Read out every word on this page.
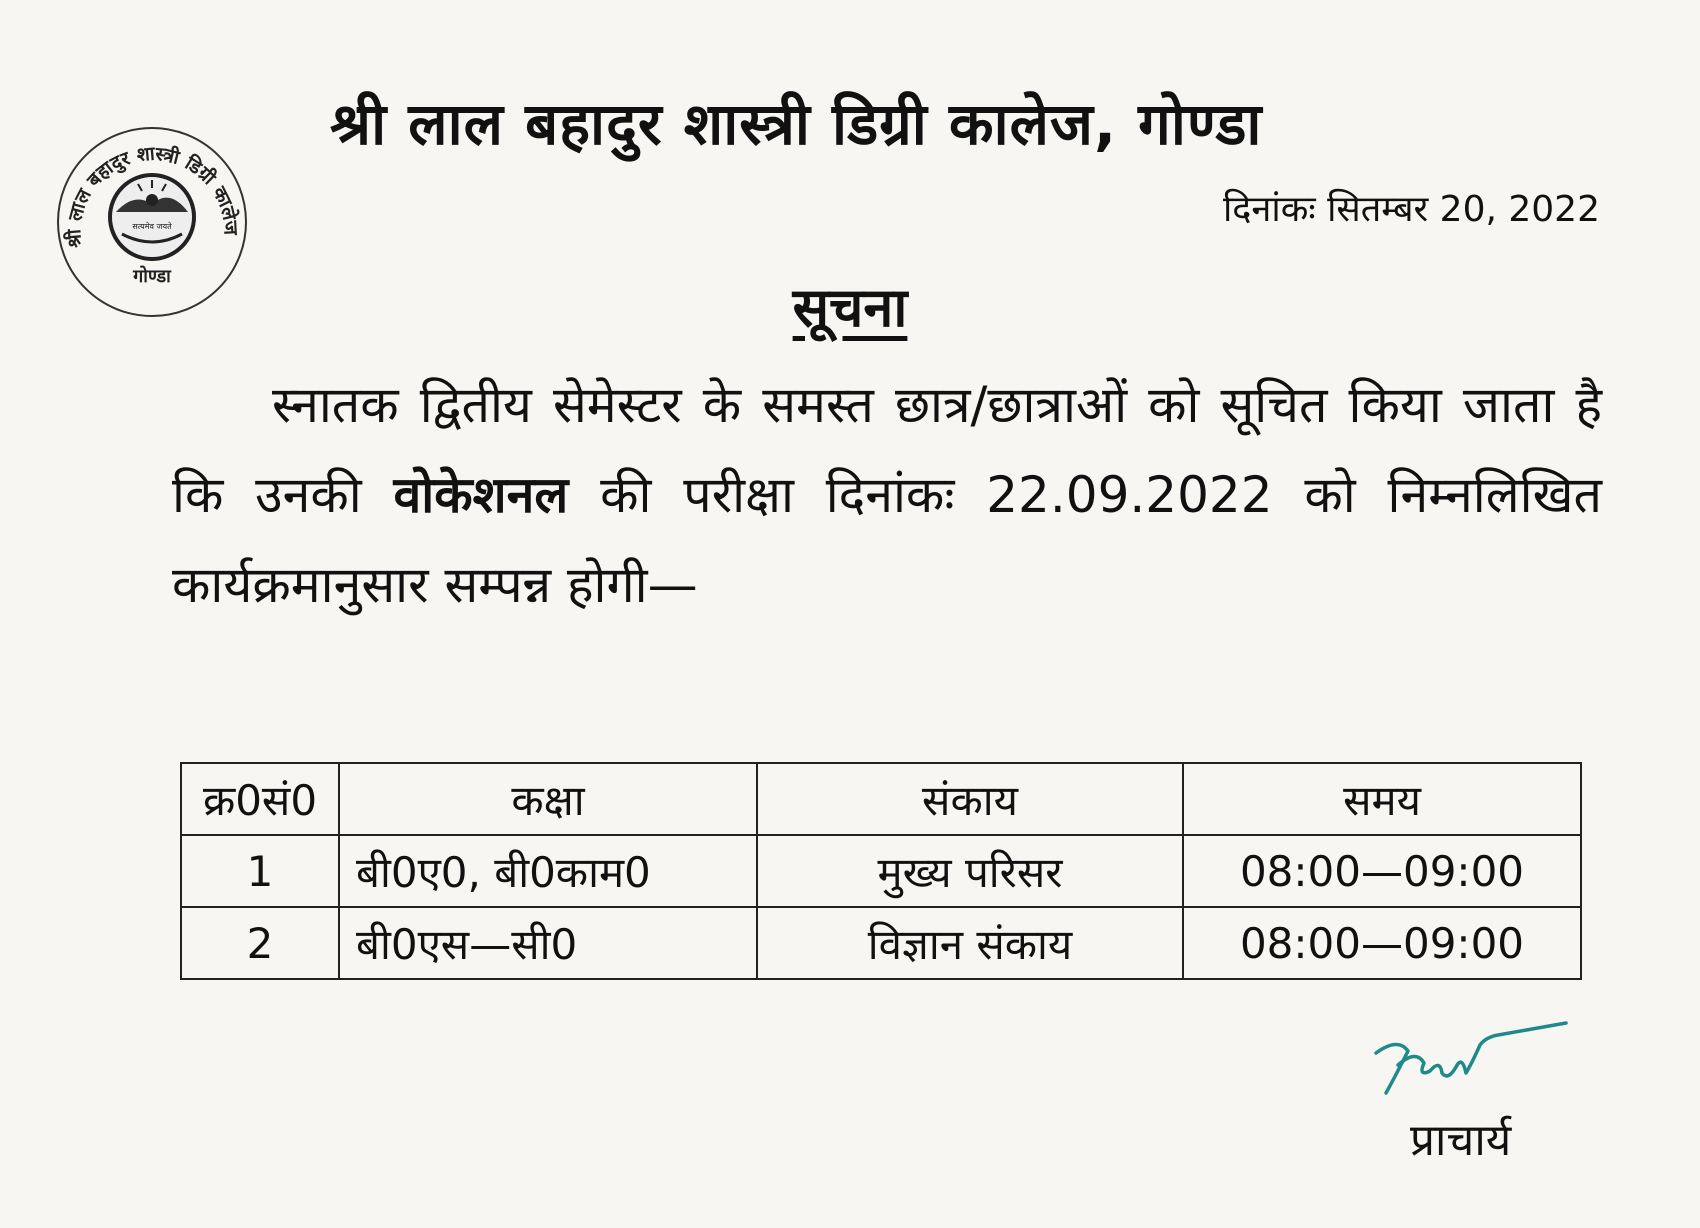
सत्यमेव जयते
श्री लाल बहादुर शास्त्री डिग्री कालेज
गोण्डा
श्री लाल बहादुर शास्त्री डिग्री कालेज, गोण्डा
दिनांकः सितम्बर 20, 2022
सूचना
स्नातक द्वितीय सेमेस्टर के समस्त छात्र/छात्राओं को सूचित किया जाता है कि उनकी वोकेशनल की परीक्षा दिनांकः 22.09.2022 को निम्नलिखित कार्यक्रमानुसार सम्पन्न होगी—
क्र0सं0	कक्षा	संकाय	समय
1	बी0ए0, बी0काम0	मुख्य परिसर	08:00—09:00
2	बी0एस—सी0	विज्ञान संकाय	08:00—09:00
प्राचार्य
